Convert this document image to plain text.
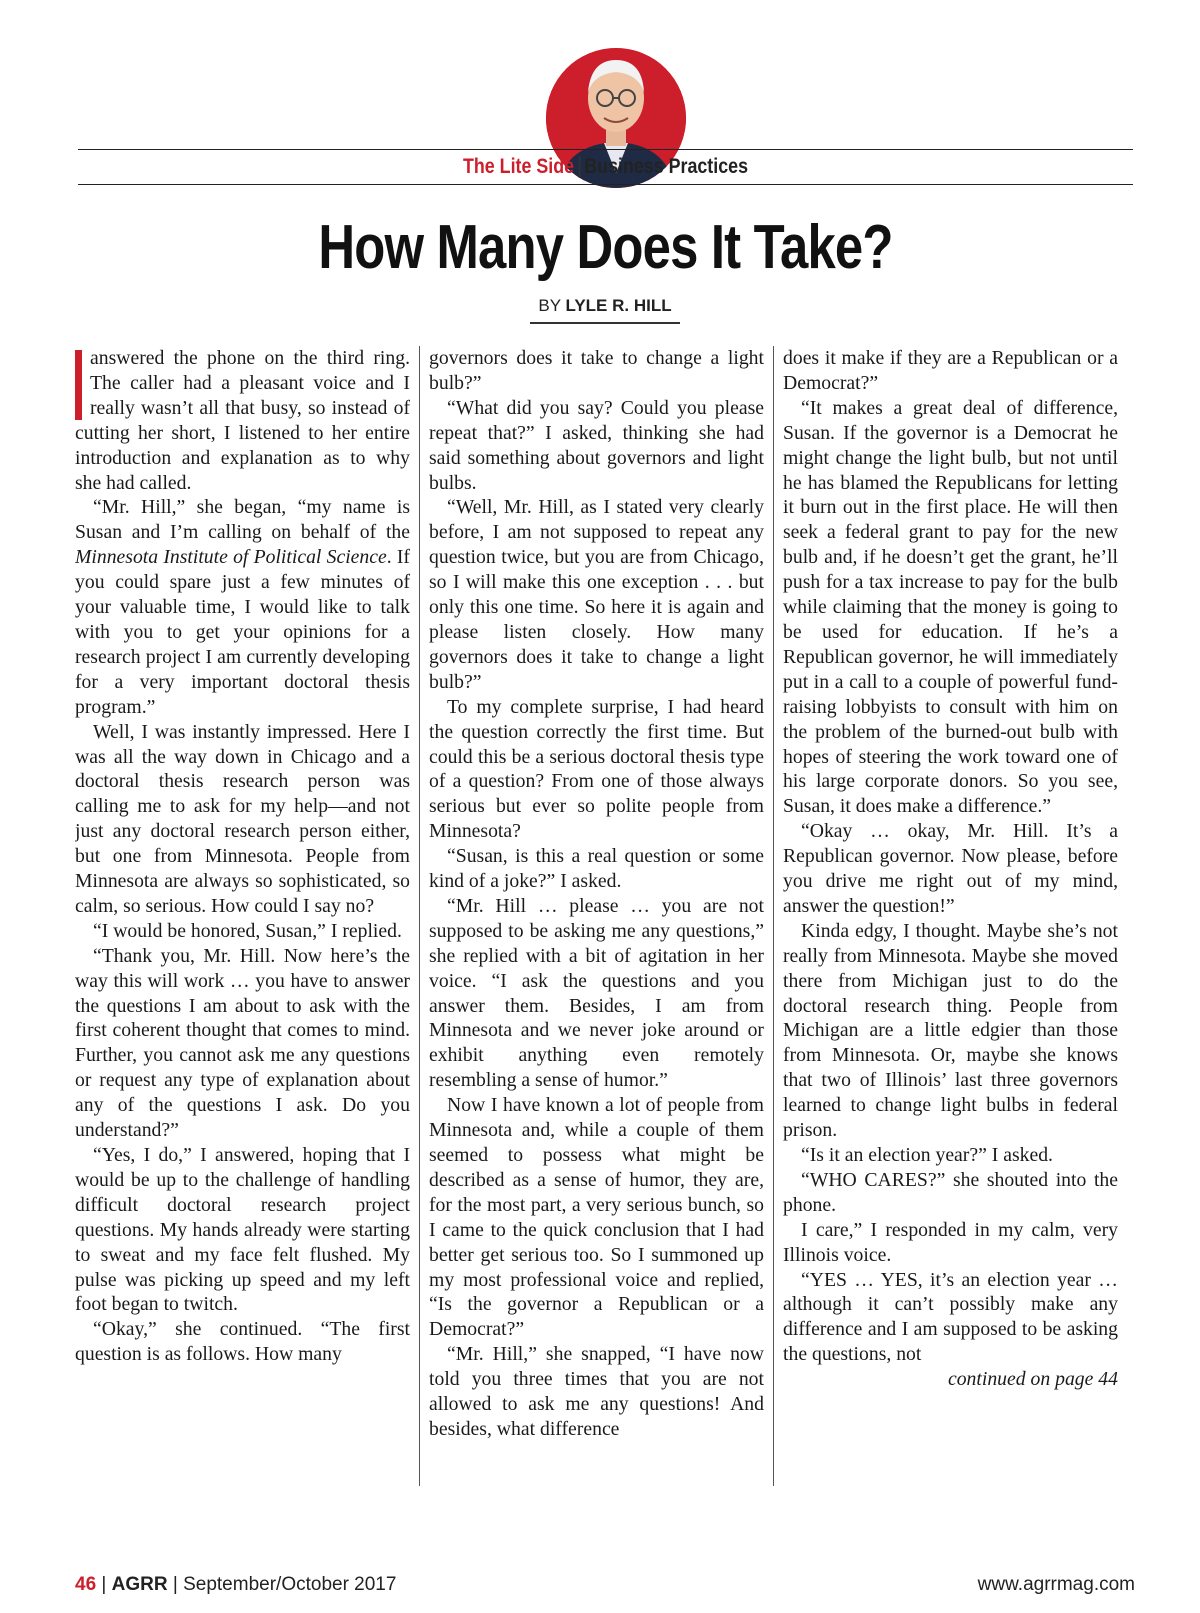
The Lite Side Business Practices
How Many Does It Take?
BY LYLE R. HILL

answered the phone on the third ring. The caller had a pleasant voice and I really wasn’t all that busy, so instead of cutting her short, I listened to her entire introduction and explanation as to why she had called.

“Mr. Hill,” she began, “my name is Susan and I’m calling on behalf of the Minnesota Institute of Political Science. If you could spare just a few minutes of your valuable time, I would like to talk with you to get your opinions for a research project I am currently developing for a very important doctoral thesis program.”

Well, I was instantly impressed. Here I was all the way down in Chicago and a doctoral thesis research person was calling me to ask for my help—and not just any doctoral research person either, but one from Minnesota. People from Minnesota are always so sophisticated, so calm, so serious. How could I say no?

“I would be honored, Susan,” I replied.

“Thank you, Mr. Hill. Now here’s the way this will work … you have to answer the questions I am about to ask with the first coherent thought that comes to mind. Further, you cannot ask me any questions or request any type of explanation about any of the questions I ask. Do you understand?”

“Yes, I do,” I answered, hoping that I would be up to the challenge of handling difficult doctoral research project questions. My hands already were starting to sweat and my face felt flushed. My pulse was picking up speed and my left foot began to twitch.

“Okay,” she continued. “The first question is as follows. How many

governors does it take to change a light bulb?”

“What did you say? Could you please repeat that?” I asked, thinking she had said something about governors and light bulbs.

“Well, Mr. Hill, as I stated very clearly before, I am not supposed to repeat any question twice, but you are from Chicago, so I will make this one exception . . . but only this one time. So here it is again and please listen closely. How many governors does it take to change a light bulb?”

To my complete surprise, I had heard the question correctly the first time. But could this be a serious doctoral thesis type of a question? From one of those always serious but ever so polite people from Minnesota?

“Susan, is this a real question or some kind of a joke?” I asked.

“Mr. Hill … please … you are not supposed to be asking me any questions,” she replied with a bit of agitation in her voice. “I ask the questions and you answer them. Besides, I am from Minnesota and we never joke around or exhibit anything even remotely resembling a sense of humor.”

Now I have known a lot of people from Minnesota and, while a couple of them seemed to possess what might be described as a sense of humor, they are, for the most part, a very serious bunch, so I came to the quick conclusion that I had better get serious too. So I summoned up my most professional voice and replied, “Is the governor a Republican or a Democrat?”

“Mr. Hill,” she snapped, “I have now told you three times that you are not allowed to ask me any questions! And besides, what difference

does it make if they are a Republican or a Democrat?”

“It makes a great deal of difference, Susan. If the governor is a Democrat he might change the light bulb, but not until he has blamed the Republicans for letting it burn out in the first place. He will then seek a federal grant to pay for the new bulb and, if he doesn’t get the grant, he’ll push for a tax increase to pay for the bulb while claiming that the money is going to be used for education. If he’s a Republican governor, he will immediately put in a call to a couple of powerful fund-raising lobbyists to consult with him on the problem of the burned-out bulb with hopes of steering the work toward one of his large corporate donors. So you see, Susan, it does make a difference.”

“Okay … okay, Mr. Hill. It’s a Republican governor. Now please, before you drive me right out of my mind, answer the question!”

Kinda edgy, I thought. Maybe she’s not really from Minnesota. Maybe she moved there from Michigan just to do the doctoral research thing. People from Michigan are a little edgier than those from Minnesota. Or, maybe she knows that two of Illinois’ last three governors learned to change light bulbs in federal prison.

“Is it an election year?” I asked.

“WHO CARES?” she shouted into the phone.

I care,” I responded in my calm, very Illinois voice.

“YES … YES, it’s an election year … although it can’t possibly make any difference and I am supposed to be asking the questions, not

continued on page 44

46 | AGRR | September/October 2017	www.agrrmag.com
